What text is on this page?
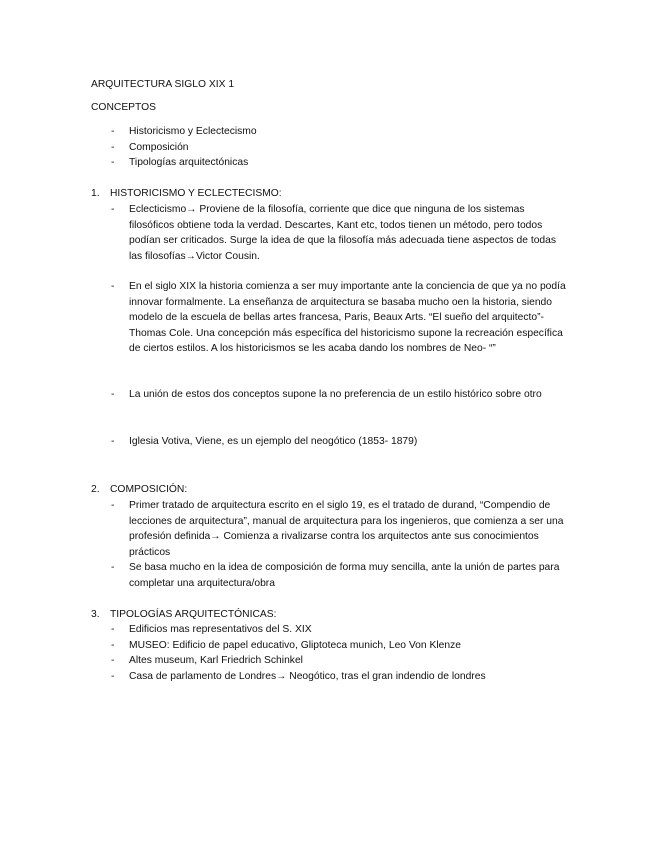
ARQUITECTURA SIGLO XIX 1
CONCEPTOS
- Historicismo y Eclectecismo
- Composición
- Tipologías arquitectónicas
1. HISTORICISMO Y ECLECTECISMO:
- Eclecticismo→ Proviene de la filosofía, corriente que dice que ninguna de los sistemas filosóficos obtiene toda la verdad. Descartes, Kant etc, todos tienen un método, pero todos podían ser criticados. Surge la idea de que la filosofía más adecuada tiene aspectos de todas las filosofías→Victor Cousin.
- En el siglo XIX la historia comienza a ser muy importante ante la conciencia de que ya no podía innovar formalmente. La enseñanza de arquitectura se basaba mucho oen la historia, siendo modelo de la escuela de bellas artes francesa, Paris, Beaux Arts. “El sueño del arquitecto”- Thomas Cole. Una concepción más específica del historicismo supone la recreación específica de ciertos estilos. A los historicismos se les acaba dando los nombres de Neo- “”
- La unión de estos dos conceptos supone la no preferencia de un estilo histórico sobre otro
- Iglesia Votiva, Viene, es un ejemplo del neogótico (1853- 1879)
2. COMPOSICIÓN:
- Primer tratado de arquitectura escrito en el siglo 19, es el tratado de durand, “Compendio de lecciones de arquitectura”, manual de arquitectura para los ingenieros, que comienza a ser una profesión definida→ Comienza a rivalizarse contra los arquitectos ante sus conocimientos prácticos
- Se basa mucho en la idea de composición de forma muy sencilla, ante la unión de partes para completar una arquitectura/obra
3. TIPOLOGÍAS ARQUITECTÓNICAS:
- Edificios mas representativos del S. XIX
- MUSEO: Edificio de papel educativo, Gliptoteca munich, Leo Von Klenze
- Altes museum, Karl Friedrich Schinkel
- Casa de parlamento de Londres→ Neogótico, tras el gran indendio de londres
